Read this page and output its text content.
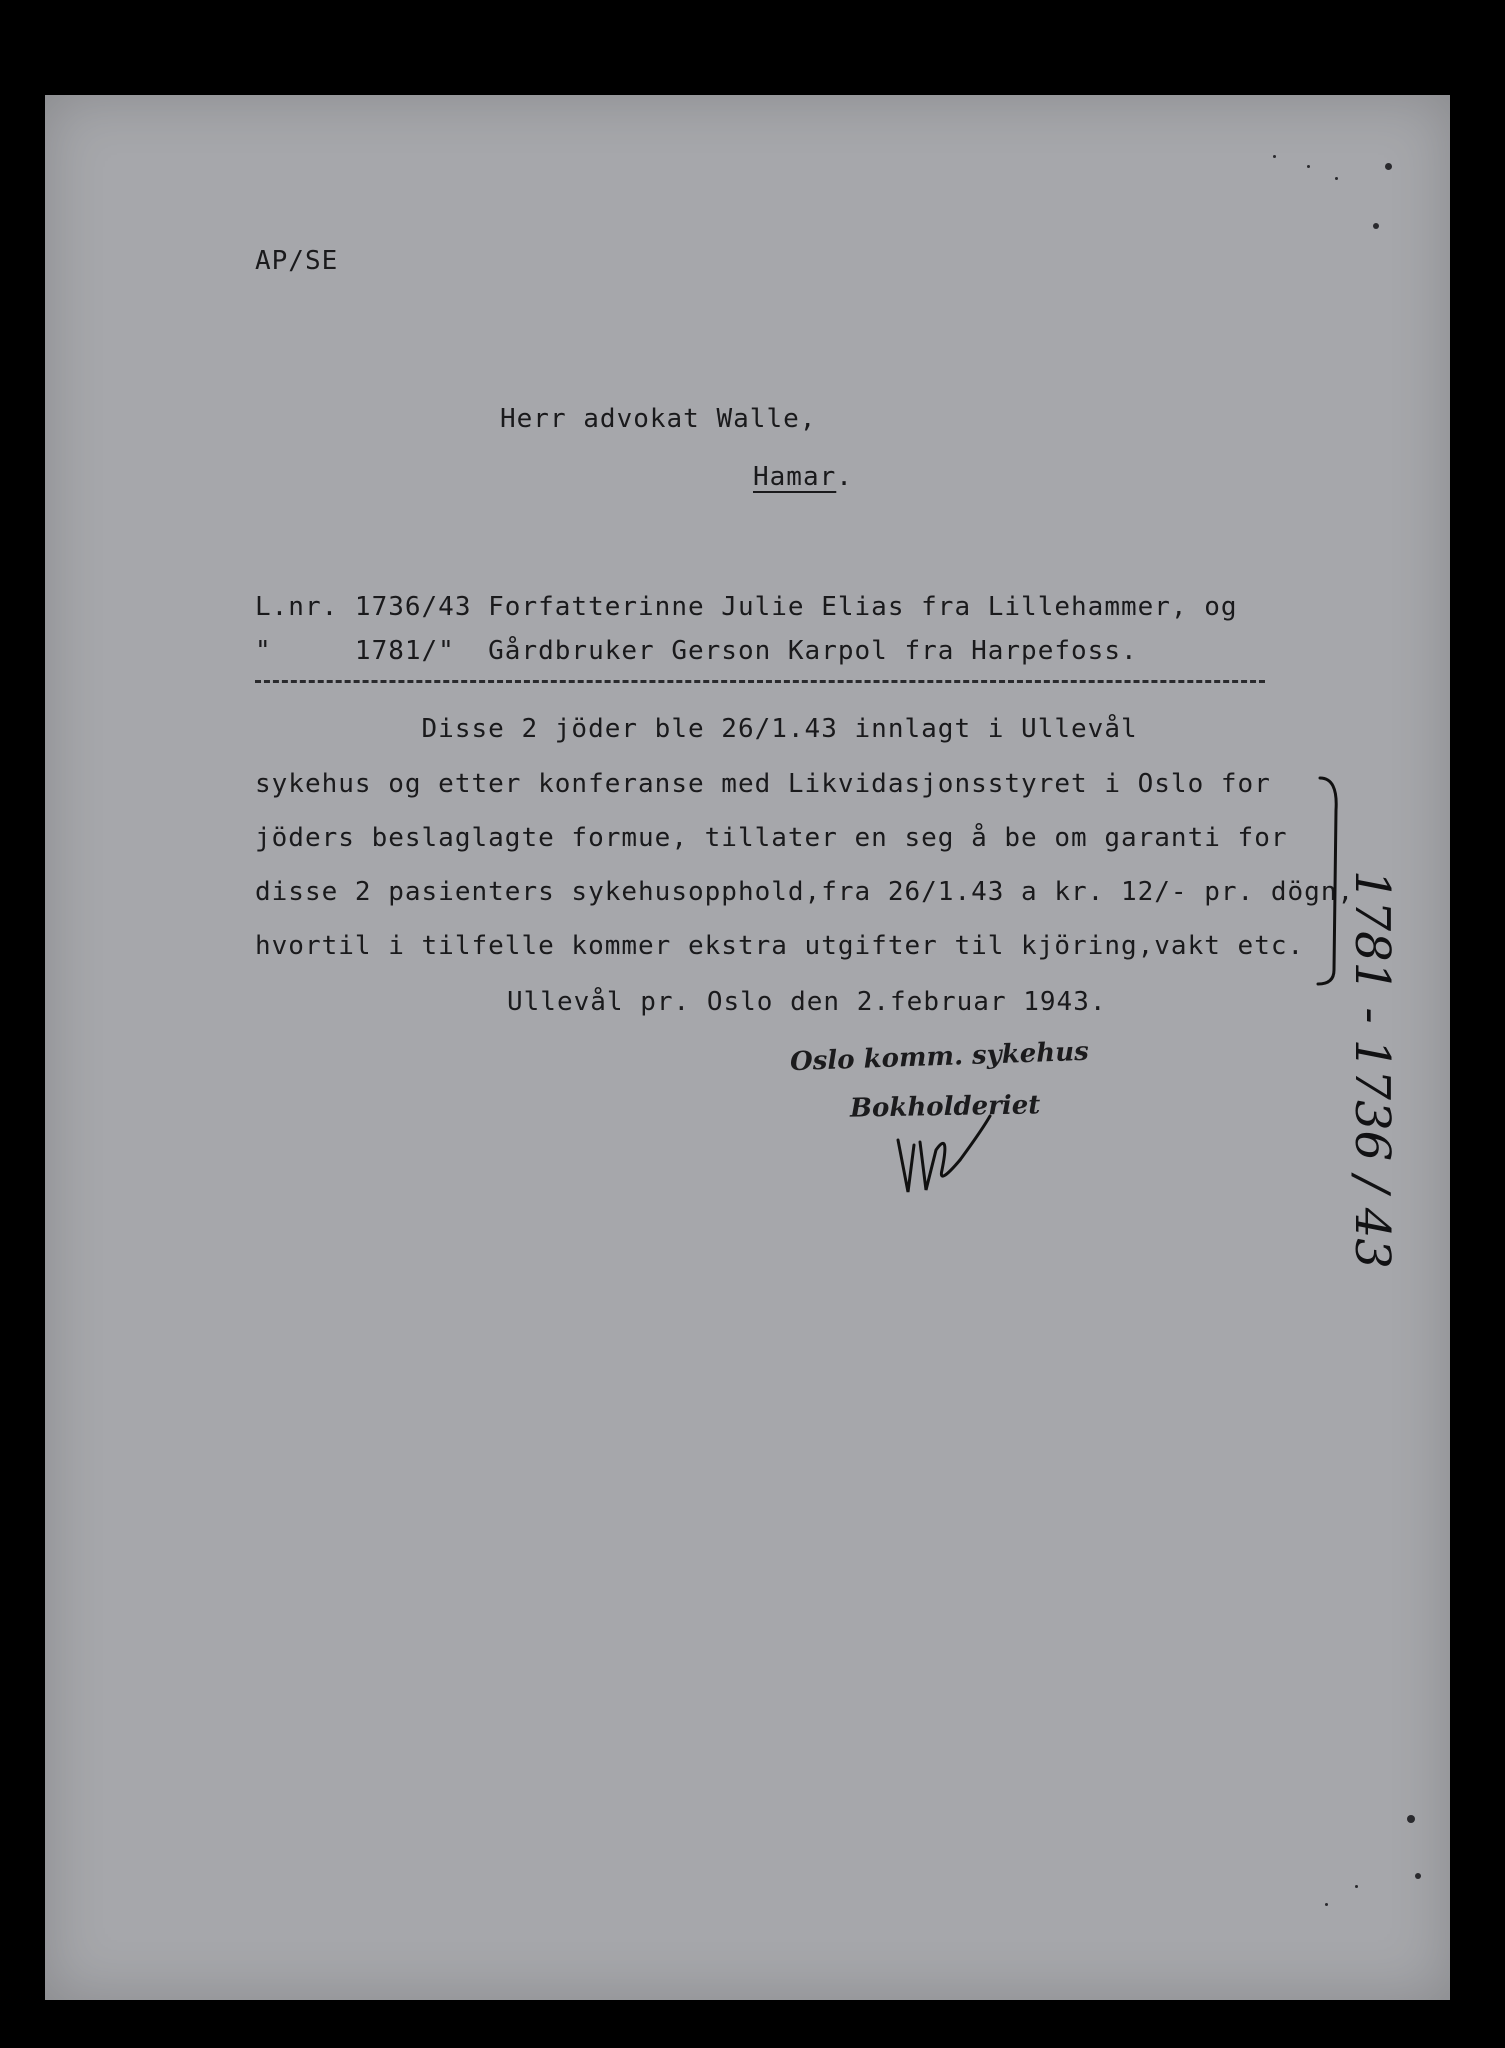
AP/SE
Herr advokat Walle,
Hamar.
L.nr. 1736/43 Forfatterinne Julie Elias fra Lillehammer, og
"     1781/"  Gårdbruker Gerson Karpol fra Harpefoss.
Disse 2 jöder ble 26/1.43 innlagt i Ullevål
sykehus og etter konferanse med Likvidasjonsstyret i Oslo for
jöders beslaglagte formue, tillater en seg å be om garanti for
disse 2 pasienters sykehusopphold,fra 26/1.43 a kr. 12/- pr. dögn,
hvortil i tilfelle kommer ekstra utgifter til kjöring,vakt etc.
Ullevål pr. Oslo den 2.februar 1943.
Oslo komm. sykehus
Bokholderiet	1781 - 1736 / 43
